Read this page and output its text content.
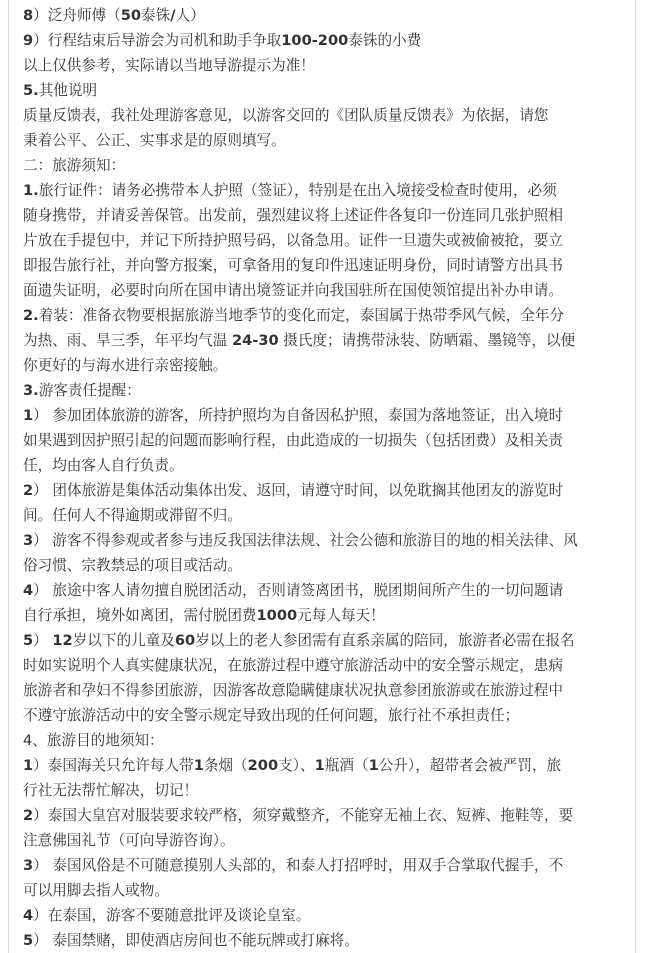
8）泛舟师傅（50泰铢/人）
9）行程结束后导游会为司机和助手争取100-200泰铢的小费
以上仅供参考，实际请以当地导游提示为准！
5.其他说明
质量反馈表，我社处理游客意见，以游客交回的《团队质量反馈表》为依据，请您
秉着公平、公正、实事求是的原则填写。
二：旅游须知：
1.旅行证件：请务必携带本人护照（签证），特别是在出入境接受检查时使用，必须
随身携带，并请妥善保管。出发前，强烈建议将上述证件各复印一份连同几张护照相
片放在手提包中，并记下所持护照号码，以备急用。证件一旦遗失或被偷被抢，要立
即报告旅行社，并向警方报案，可拿备用的复印件迅速证明身份，同时请警方出具书
面遗失证明，必要时向所在国申请出境签证并向我国驻所在国使领馆提出补办申请。
2.着装：准备衣物要根据旅游当地季节的变化而定，泰国属于热带季风气候，全年分
为热、雨、旱三季，年平均气温 24-30 摄氏度；请携带泳装、防晒霜、墨镜等，以便
你更好的与海水进行亲密接触。
3.游客责任提醒：
1） 参加团体旅游的游客，所持护照均为自备因私护照，泰国为落地签证，出入境时
如果遇到因护照引起的问题而影响行程，由此造成的一切损失（包括团费）及相关责
任，均由客人自行负责。
2） 团体旅游是集体活动集体出发、返回，请遵守时间，以免耽搁其他团友的游览时
间。任何人不得逾期或滞留不归。
3） 游客不得参观或者参与违反我国法律法规、社会公德和旅游目的地的相关法律、风
俗习惯、宗教禁忌的项目或活动。
4） 旅途中客人请勿擅自脱团活动，否则请签离团书，脱团期间所产生的一切问题请
自行承担，境外如离团，需付脱团费1000元每人每天！
5） 12岁以下的儿童及60岁以上的老人参团需有直系亲属的陪同，旅游者必需在报名
时如实说明个人真实健康状况，在旅游过程中遵守旅游活动中的安全警示规定，患病
旅游者和孕妇不得参团旅游，因游客故意隐瞒健康状况执意参团旅游或在旅游过程中
不遵守旅游活动中的安全警示规定导致出现的任何问题，旅行社不承担责任；
4、旅游目的地须知：
1）泰国海关只允许每人带1条烟（200支）、1瓶酒（1公升），超带者会被严罚，旅
行社无法帮忙解决，切记！
2）泰国大皇宫对服装要求较严格，须穿戴整齐，不能穿无袖上衣、短裤、拖鞋等，要
注意佛国礼节（可向导游咨询）。
3） 泰国风俗是不可随意摸别人头部的，和泰人打招呼时，用双手合掌取代握手，不
可以用脚去指人或物。
4）在泰国，游客不要随意批评及谈论皇室。
5） 泰国禁赌，即使酒店房间也不能玩牌或打麻将。
